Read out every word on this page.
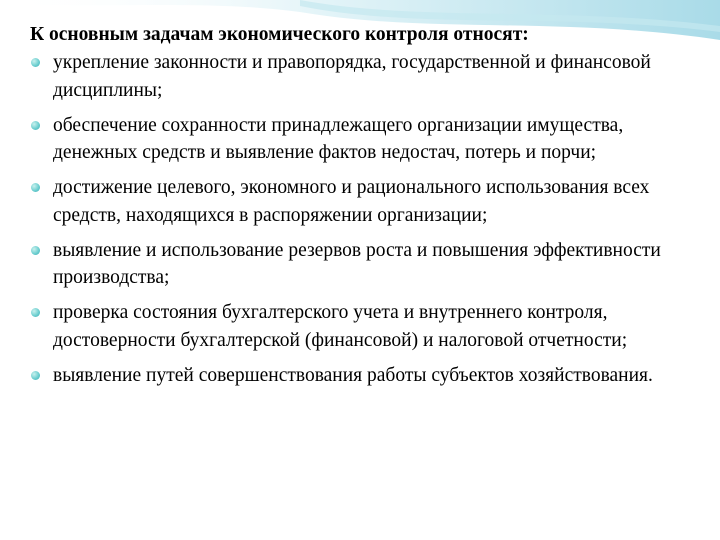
К основным задачам экономического контроля относят:
укрепление законности и правопорядка, государственной и финансовой дисциплины;
обеспечение сохранности принадлежащего организации имущества, денежных средств и выявление фактов недостач, потерь и порчи;
достижение целевого, экономного и рационального использования всех средств, находящихся в распоряжении организации;
выявление и использование резервов роста и повышения эффективности производства;
проверка состояния бухгалтерского учета и внутреннего контроля, достоверности бухгалтерской (финансовой) и налоговой отчетности;
выявление путей совершенствования работы субъектов хозяйствования.
